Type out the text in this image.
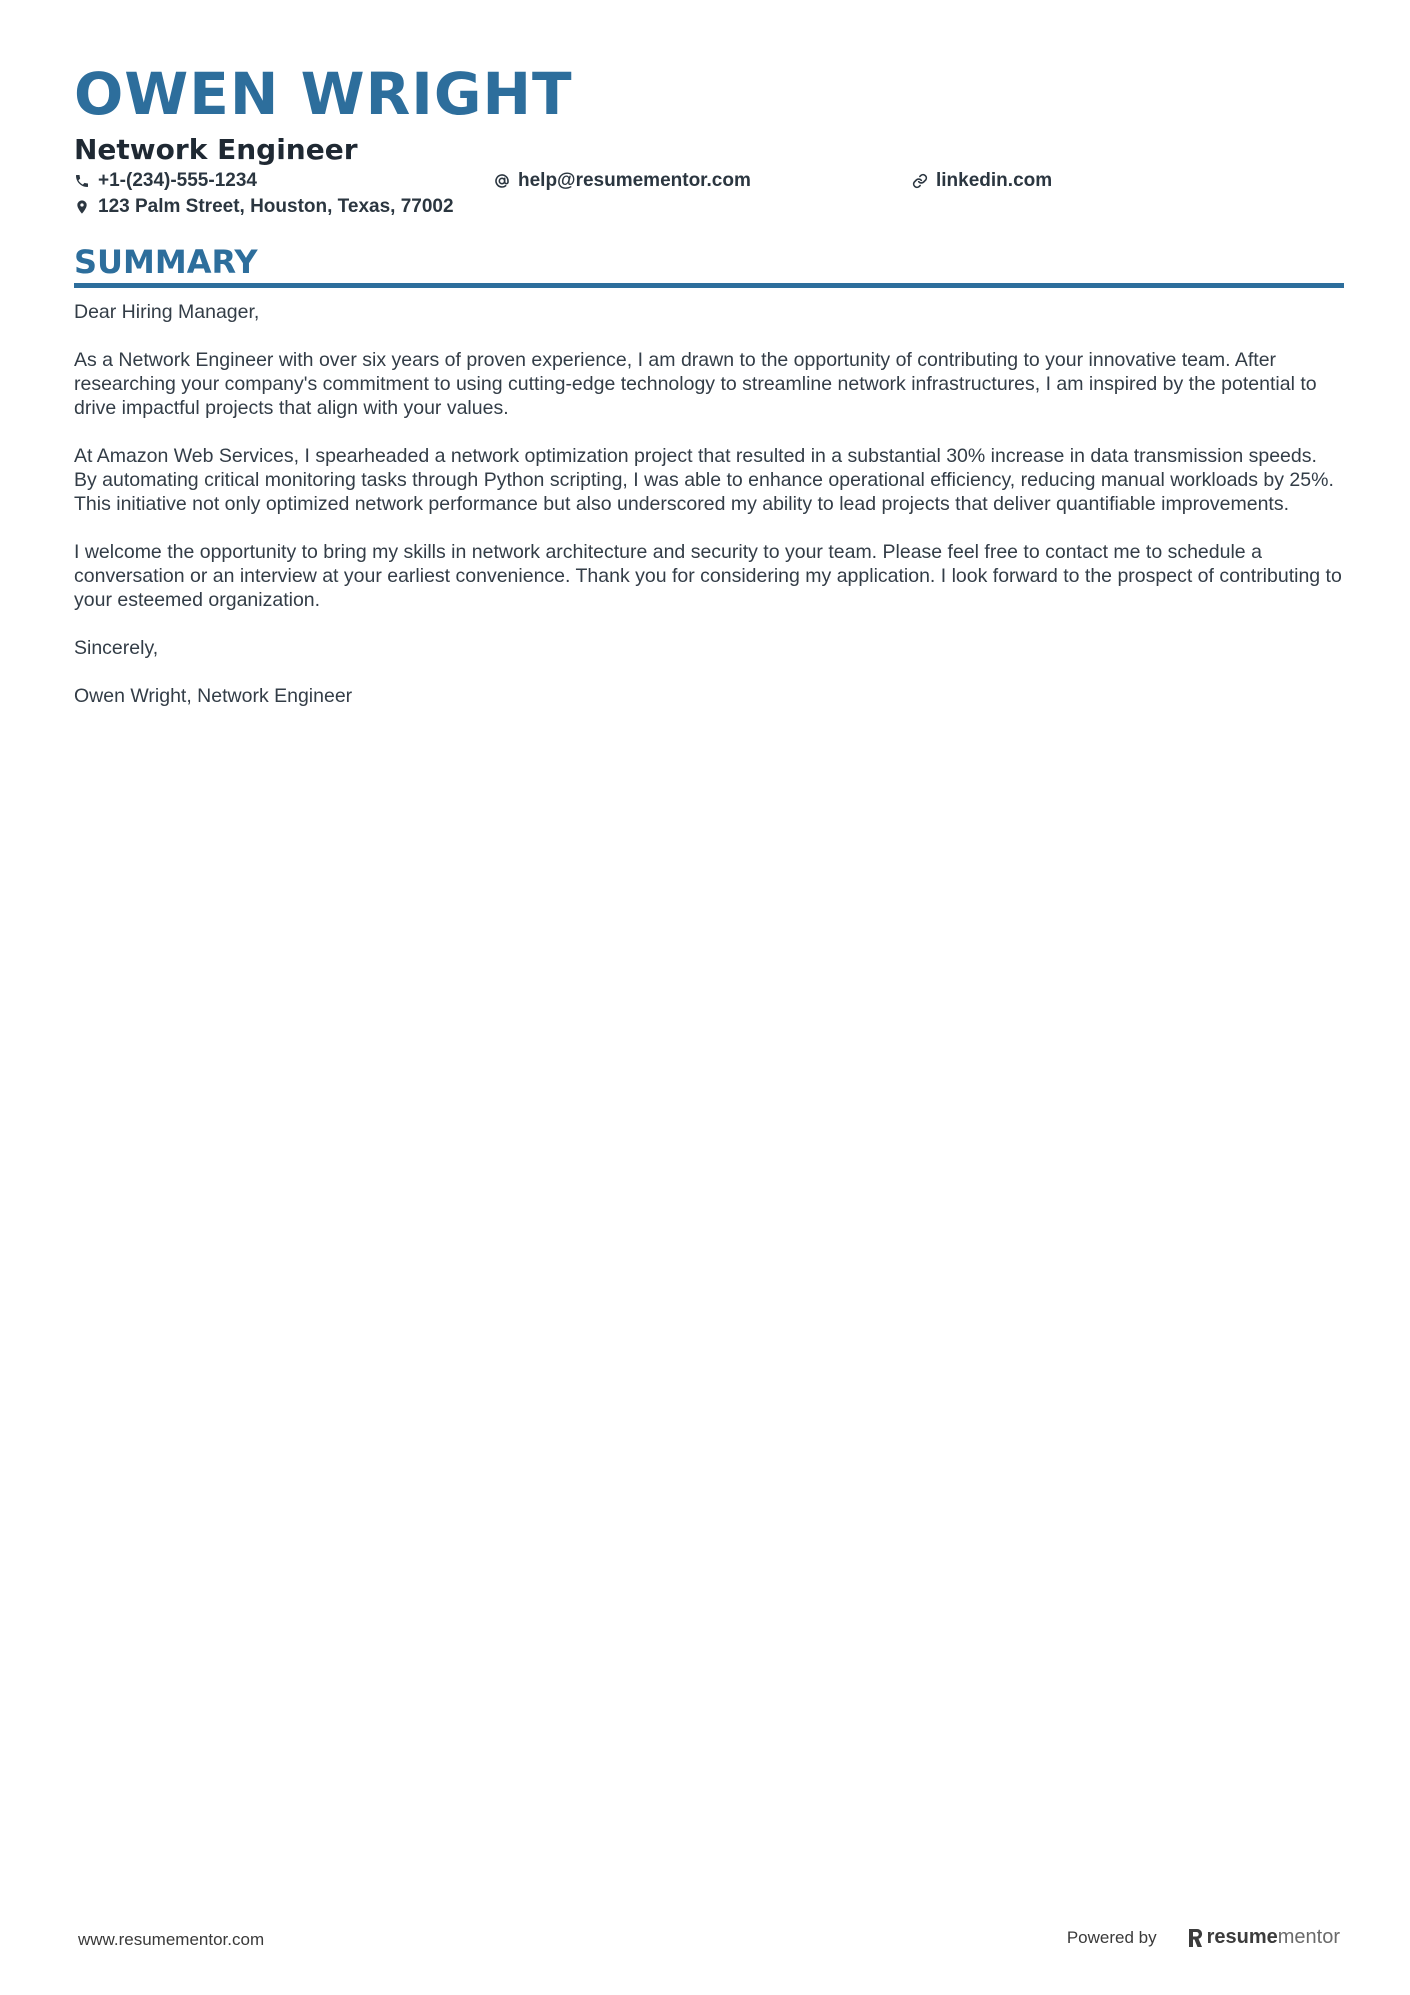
OWEN WRIGHT
Network Engineer
+1-(234)-555-1234	help@resumementor.com	linkedin.com
123 Palm Street, Houston, Texas, 77002
SUMMARY

Dear Hiring Manager,

As a Network Engineer with over six years of proven experience, I am drawn to the opportunity of contributing to your innovative team. After researching your company's commitment to using cutting-edge technology to streamline network infrastructures, I am inspired by the potential to drive impactful projects that align with your values.

At Amazon Web Services, I spearheaded a network optimization project that resulted in a substantial 30% increase in data transmission speeds. By automating critical monitoring tasks through Python scripting, I was able to enhance operational efficiency, reducing manual workloads by 25%. This initiative not only optimized network performance but also underscored my ability to lead projects that deliver quantifiable improvements.

I welcome the opportunity to bring my skills in network architecture and security to your team. Please feel free to contact me to schedule a conversation or an interview at your earliest convenience. Thank you for considering my application. I look forward to the prospect of contributing to your esteemed organization.

Sincerely,

Owen Wright, Network Engineer

www.resumementor.com	Powered by	resume mentor
